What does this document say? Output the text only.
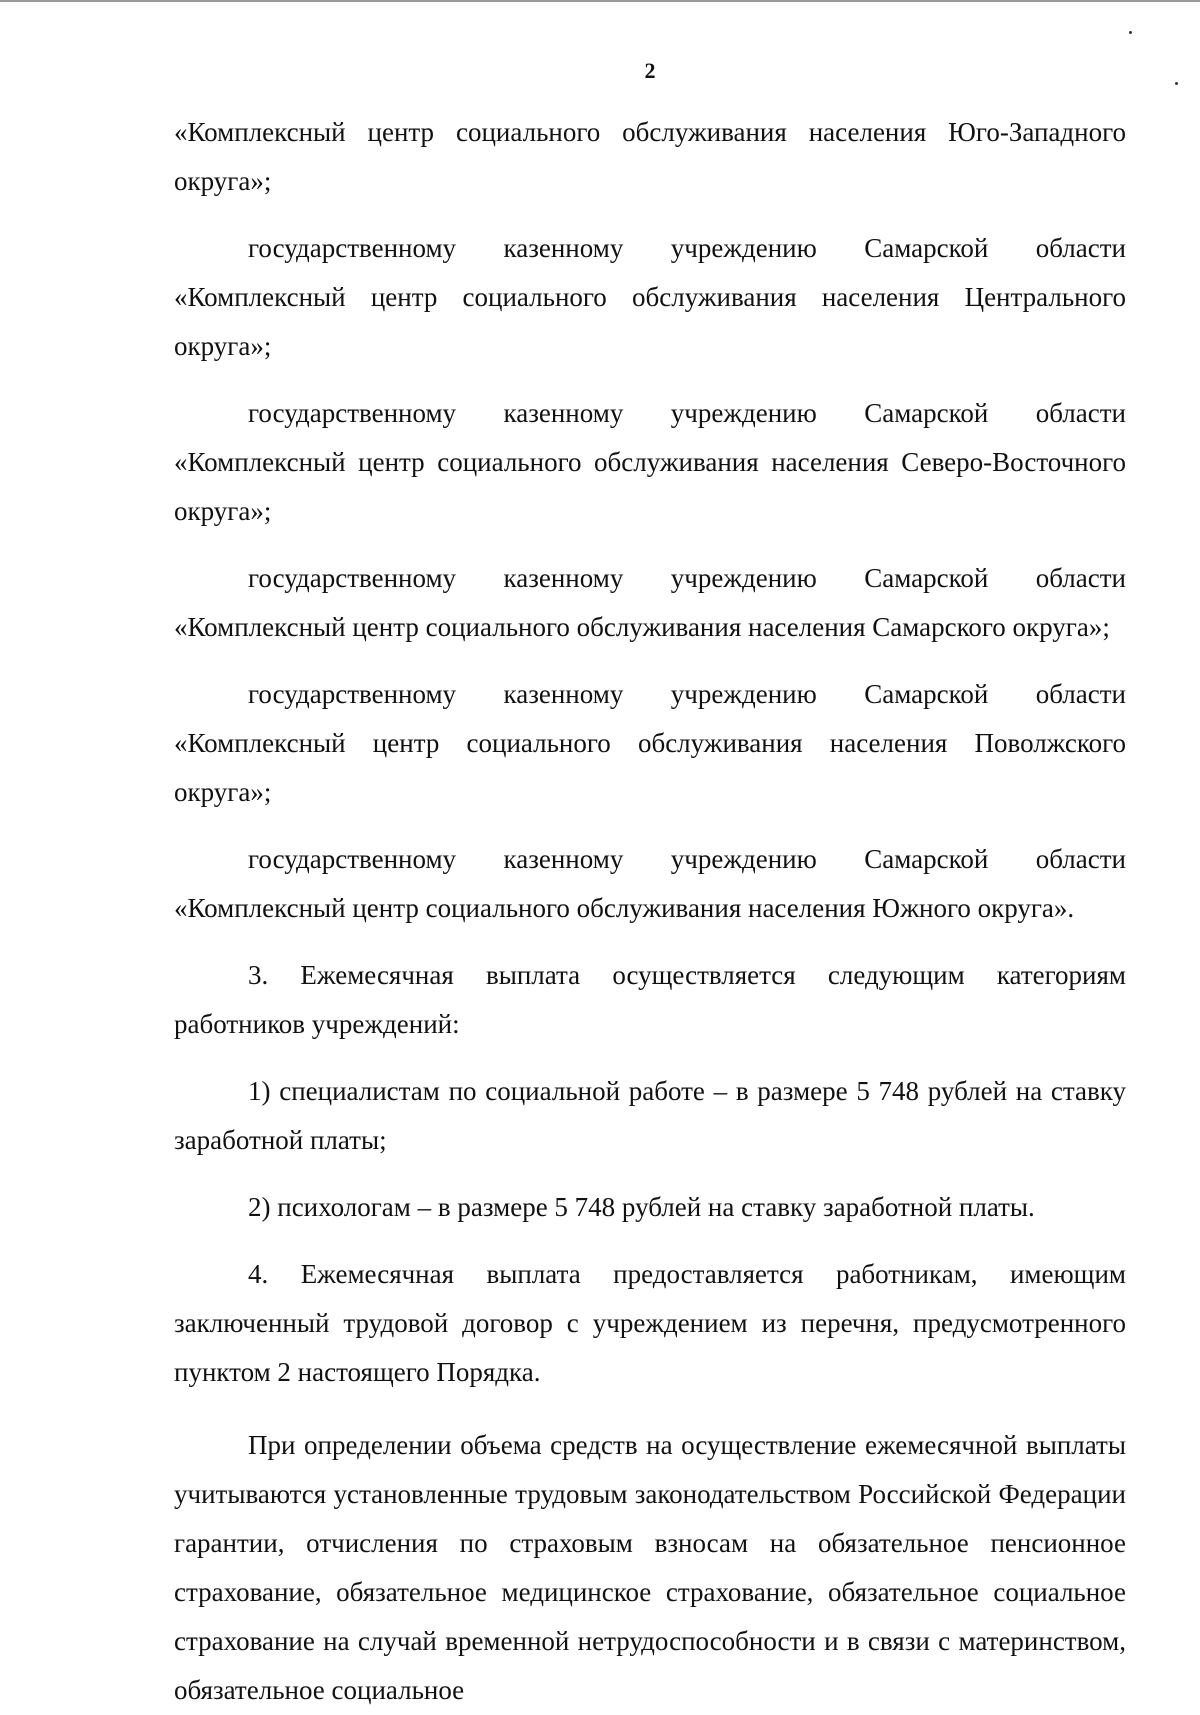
2

«Комплексный центр социального обслуживания населения Юго-Западного округа»;

государственному казенному учреждению Самарской области «Комплексный центр социального обслуживания населения Центрального округа»;

государственному казенному учреждению Самарской области «Комплексный центр социального обслуживания населения Северо-Восточного округа»;

государственному казенному учреждению Самарской области «Комплексный центр социального обслуживания населения Самарского округа»;

государственному казенному учреждению Самарской области «Комплексный центр социального обслуживания населения Поволжского округа»;

государственному казенному учреждению Самарской области «Комплексный центр социального обслуживания населения Южного округа».

3. Ежемесячная выплата осуществляется следующим категориям работников учреждений:

1) специалистам по социальной работе – в размере 5 748 рублей на ставку заработной платы;

2) психологам – в размере 5 748 рублей на ставку заработной платы.

4. Ежемесячная выплата предоставляется работникам, имеющим заключенный трудовой договор с учреждением из перечня, предусмотренного пунктом 2 настоящего Порядка.

При определении объема средств на осуществление ежемесячной выплаты учитываются установленные трудовым законодательством Российской Федерации гарантии, отчисления по страховым взносам на обязательное пенсионное страхование, обязательное медицинское страхование, обязательное социальное страхование на случай временной нетрудоспособности и в связи с материнством, обязательное социальное
